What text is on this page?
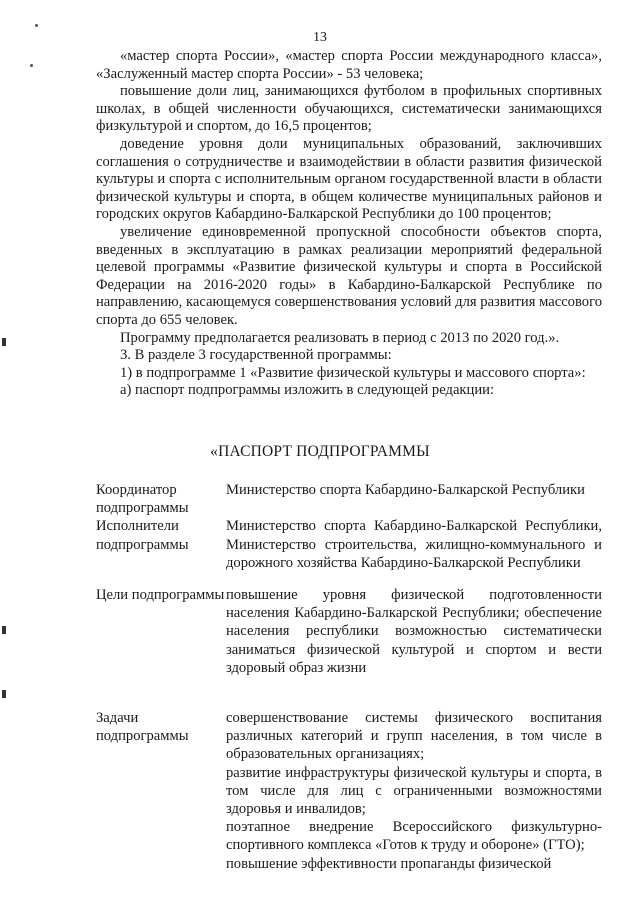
13

«мастер спорта России», «мастер спорта России международного класса», «Заслуженный мастер спорта России» - 53 человека;

повышение доли лиц, занимающихся футболом в профильных спортивных школах, в общей численности обучающихся, систематически занимающихся физкультурой и спортом, до 16,5 процентов;

доведение уровня доли муниципальных образований, заключивших соглашения о сотрудничестве и взаимодействии в области развития физической культуры и спорта с исполнительным органом государственной власти в области физической культуры и спорта, в общем количестве муниципальных районов и городских округов Кабардино-Балкарской Республики до 100 процентов;

увеличение единовременной пропускной способности объектов спорта, введенных в эксплуатацию в рамках реализации мероприятий федеральной целевой программы «Развитие физической культуры и спорта в Российской Федерации на 2016-2020 годы» в Кабардино-Балкарской Республике по направлению, касающемуся совершенствования условий для развития массового спорта до 655 человек.

Программу предполагается реализовать в период с 2013 по 2020 год.».

3. В разделе 3 государственной программы:

1) в подпрограмме 1 «Развитие физической культуры и массового спорта»:

а) паспорт подпрограммы изложить в следующей редакции:

«ПАСПОРТ ПОДПРОГРАММЫ
Координатор подпрограммы
Министерство спорта Кабардино-Балкарской Республики
Исполнители подпрограммы
Министерство спорта Кабардино-Балкарской Республики, Министерство строительства, жилищно-коммунального и дорожного хозяйства Кабардино-Балкарской Республики
Цели подпрограммы повышение уровня физической подготовленности населения Кабардино-Балкарской Республики; обеспечение населения республики возможностью систематически заниматься физической культурой и спортом и вести здоровый образ жизни
Задачи подпрограммы

совершенствование системы физического воспитания различных категорий и групп населения, в том числе в образовательных организациях;

развитие инфраструктуры физической культуры и спорта, в том числе для лиц с ограниченными возможностями здоровья и инвалидов;

поэтапное внедрение Всероссийского физкультурно-спортивного комплекса «Готов к труду и обороне» (ГТО);

повышение эффективности пропаганды физической
